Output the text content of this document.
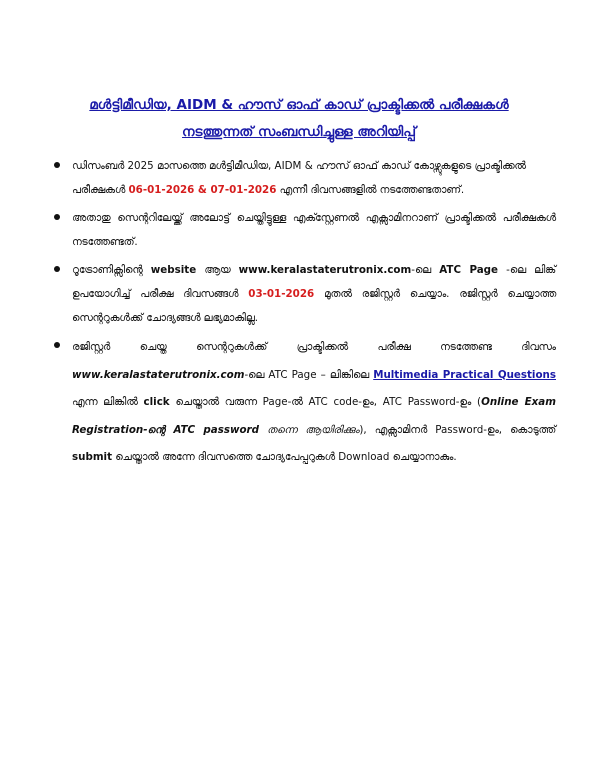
മൾട്ടിമീഡിയ, AIDM & ഹൗസ് ഓഫ് കാഡ് പ്രാക്ടിക്കൽ പരീക്ഷകൾ
നടത്തുന്നത് സംബന്ധിച്ചുള്ള അറിയിപ്പ്
ഡിസംബർ 2025 മാസത്തെ മൾട്ടിമീഡിയ, AIDM & ഹൗസ് ഓഫ് കാഡ് കോഴ്സുകളുടെ പ്രാക്ടിക്കൽ പരീക്ഷകൾ 06-01-2026 & 07-01-2026 എന്നീ ദിവസങ്ങളിൽ നടത്തേണ്ടതാണ്.
അതാതു സെന്ററിലേയ്ക്ക് അലോട്ട് ചെയ്തിട്ടുള്ള എക്സ്റ്റേണൽ എക്സാമിനറാണ് പ്രാക്ടിക്കൽ പരീക്ഷകൾ നടത്തേണ്ടത്.
റൂട്രോണിക്സിന്റെ website ആയ www.keralastaterutronix.com-ലെ ATC Page -ലെ ലിങ്ക് ഉപയോഗിച്ച് പരീക്ഷ ദിവസങ്ങൾ 03-01-2026 മുതൽ രജിസ്റ്റർ ചെയ്യാം. രജിസ്റ്റർ ചെയ്യാത്ത സെന്ററുകൾക്ക് ചോദ്യങ്ങൾ ലഭ്യമാകില്ല.
രജിസ്റ്റർ ചെയ്ത സെന്ററുകൾക്ക് പ്രാക്ടിക്കൽ പരീക്ഷ നടത്തേണ്ട ദിവസം www.keralastaterutronix.com-ലെ ATC Page – ലിങ്കിലെ Multimedia Practical Questions എന്ന ലിങ്കിൽ click ചെയ്താൽ വരുന്ന Page-ൽ ATC code-ഉം, ATC Password-ഉം (Online Exam Registration-ന്റെ ATC password തന്നെ ആയിരിക്കും), എക്സാമിനർ Password-ഉം, കൊടുത്ത് submit ചെയ്താൽ അന്നേ ദിവസത്തെ ചോദ്യപേപ്പറുകൾ Download ചെയ്യാനാകും.
